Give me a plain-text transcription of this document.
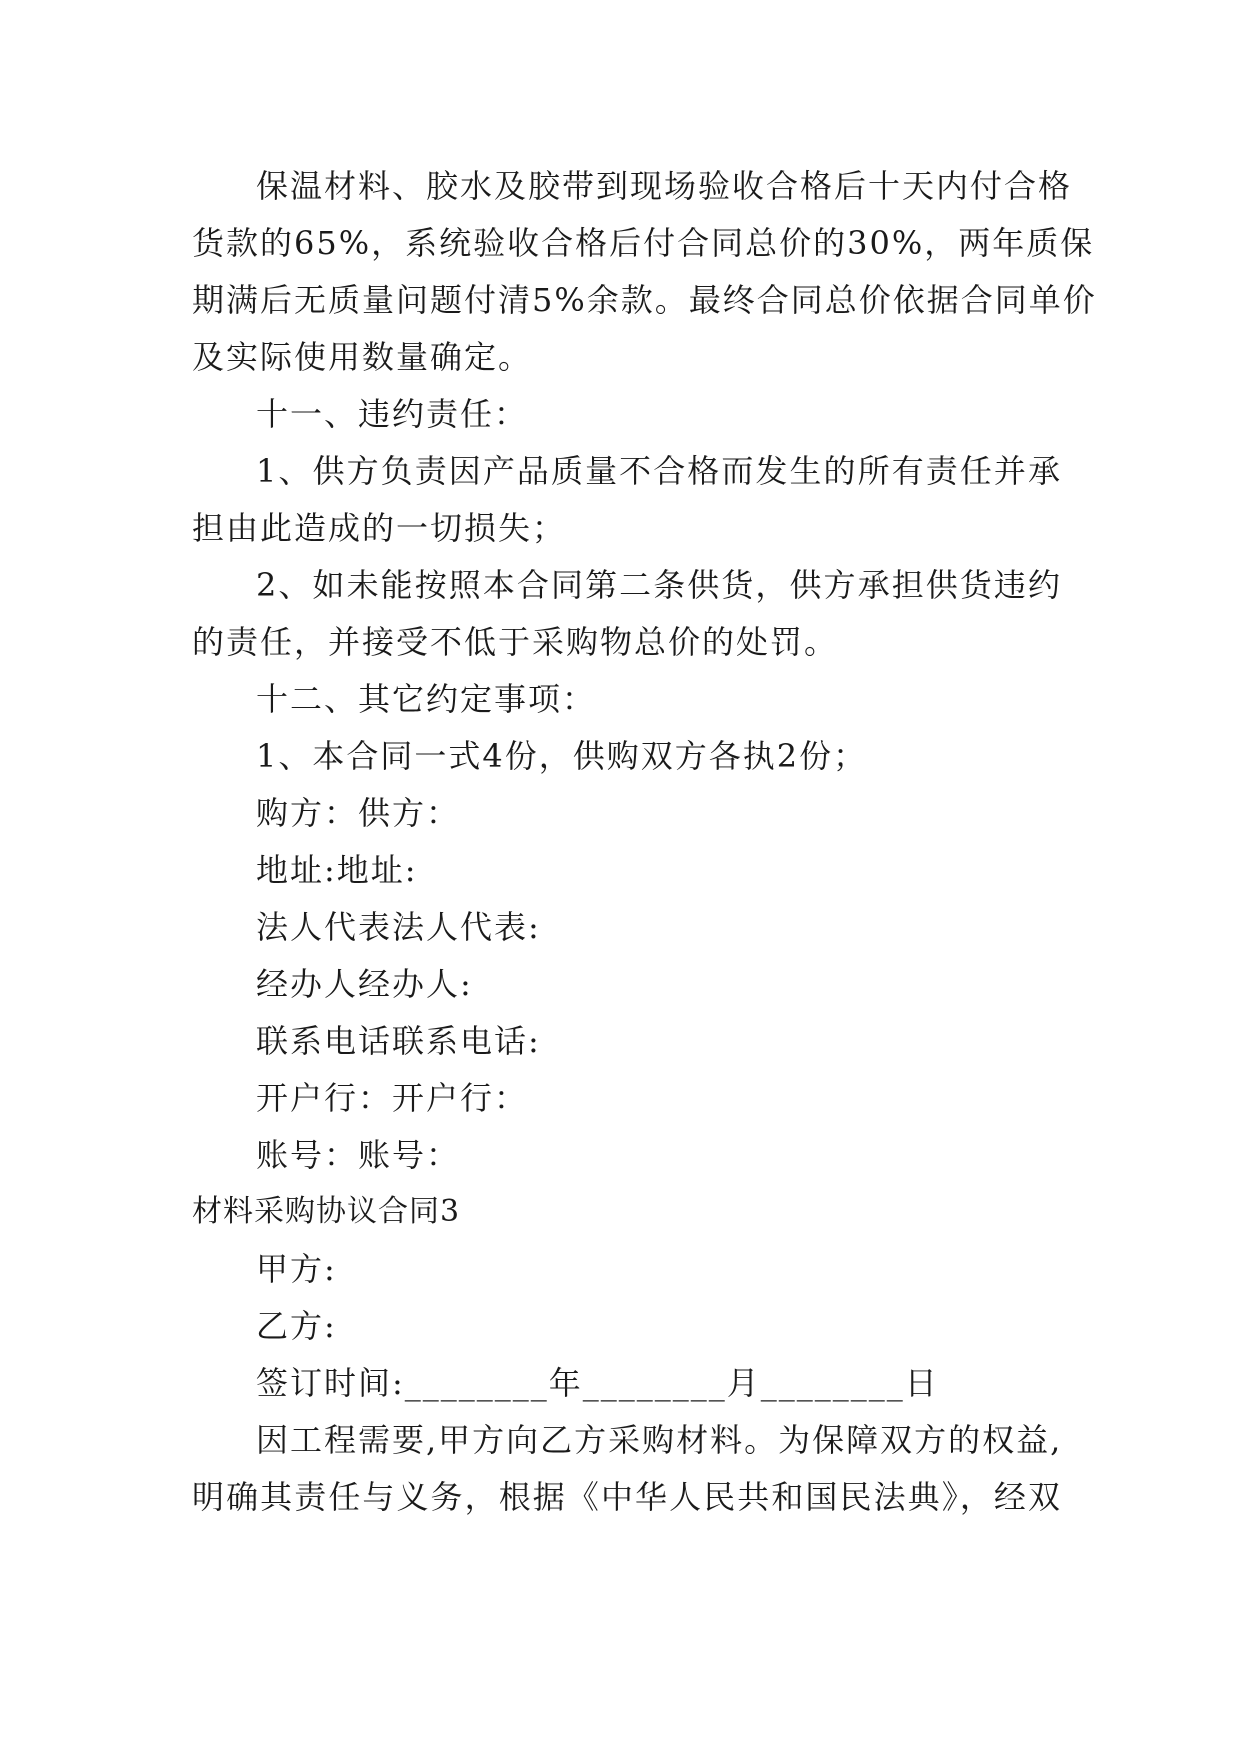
保温材料、胶水及胶带到现场验收合格后十天内付合格
货款的65%，系统验收合格后付合同总价的30%，两年质保
期满后无质量问题付清5%余款。最终合同总价依据合同单价
及实际使用数量确定。
十一、违约责任：
1、供方负责因产品质量不合格而发生的所有责任并承
担由此造成的一切损失；
2、如未能按照本合同第二条供货，供方承担供货违约
的责任，并接受不低于采购物总价的处罚。
十二、其它约定事项：
1、本合同一式4份，供购双方各执2份；
购方：供方：
地址:地址:
法人代表法人代表:
经办人经办人:
联系电话联系电话:
开户行：开户行：
账号：账号：
材料采购协议合同3
甲方:
乙方:
签订时间:________年________月________日
因工程需要,甲方向乙方采购材料。为保障双方的权益,
明确其责任与义务，根据《中华人民共和国民法典》，经双
